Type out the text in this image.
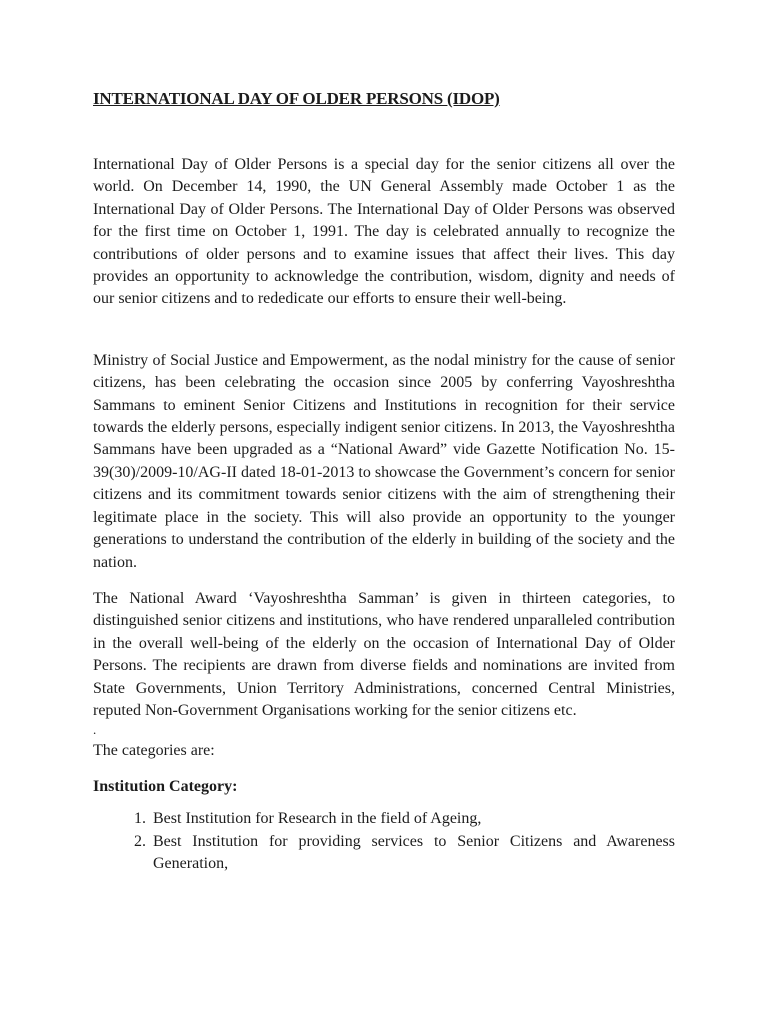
INTERNATIONAL DAY OF OLDER PERSONS (IDOP)

International Day of Older Persons is a special day for the senior citizens all over the world. On December 14, 1990, the UN General Assembly made October 1 as the International Day of Older Persons. The International Day of Older Persons was observed for the first time on October 1, 1991. The day is celebrated annually to recognize the contributions of older persons and to examine issues that affect their lives. This day provides an opportunity to acknowledge the contribution, wisdom, dignity and needs of our senior citizens and to rededicate our efforts to ensure their well-being.

Ministry of Social Justice and Empowerment, as the nodal ministry for the cause of senior citizens, has been celebrating the occasion since 2005 by conferring Vayoshreshtha Sammans to eminent Senior Citizens and Institutions in recognition for their service towards the elderly persons, especially indigent senior citizens. In 2013, the Vayoshreshtha Sammans have been upgraded as a “National Award” vide Gazette Notification No. 15-39(30)/2009-10/AG-II dated 18-01-2013 to showcase the Government’s concern for senior citizens and its commitment towards senior citizens with the aim of strengthening their legitimate place in the society. This will also provide an opportunity to the younger generations to understand the contribution of the elderly in building of the society and the nation.

The National Award ‘Vayoshreshtha Samman’ is given in thirteen categories, to distinguished senior citizens and institutions, who have rendered unparalleled contribution in the overall well-being of the elderly on the occasion of International Day of Older Persons. The recipients are drawn from diverse fields and nominations are invited from State Governments, Union Territory Administrations, concerned Central Ministries, reputed Non-Government Organisations working for the senior citizens etc.

.

The categories are:

Institution Category:
1. Best Institution for Research in the field of Ageing,
2. Best Institution for providing services to Senior Citizens and Awareness Generation,
